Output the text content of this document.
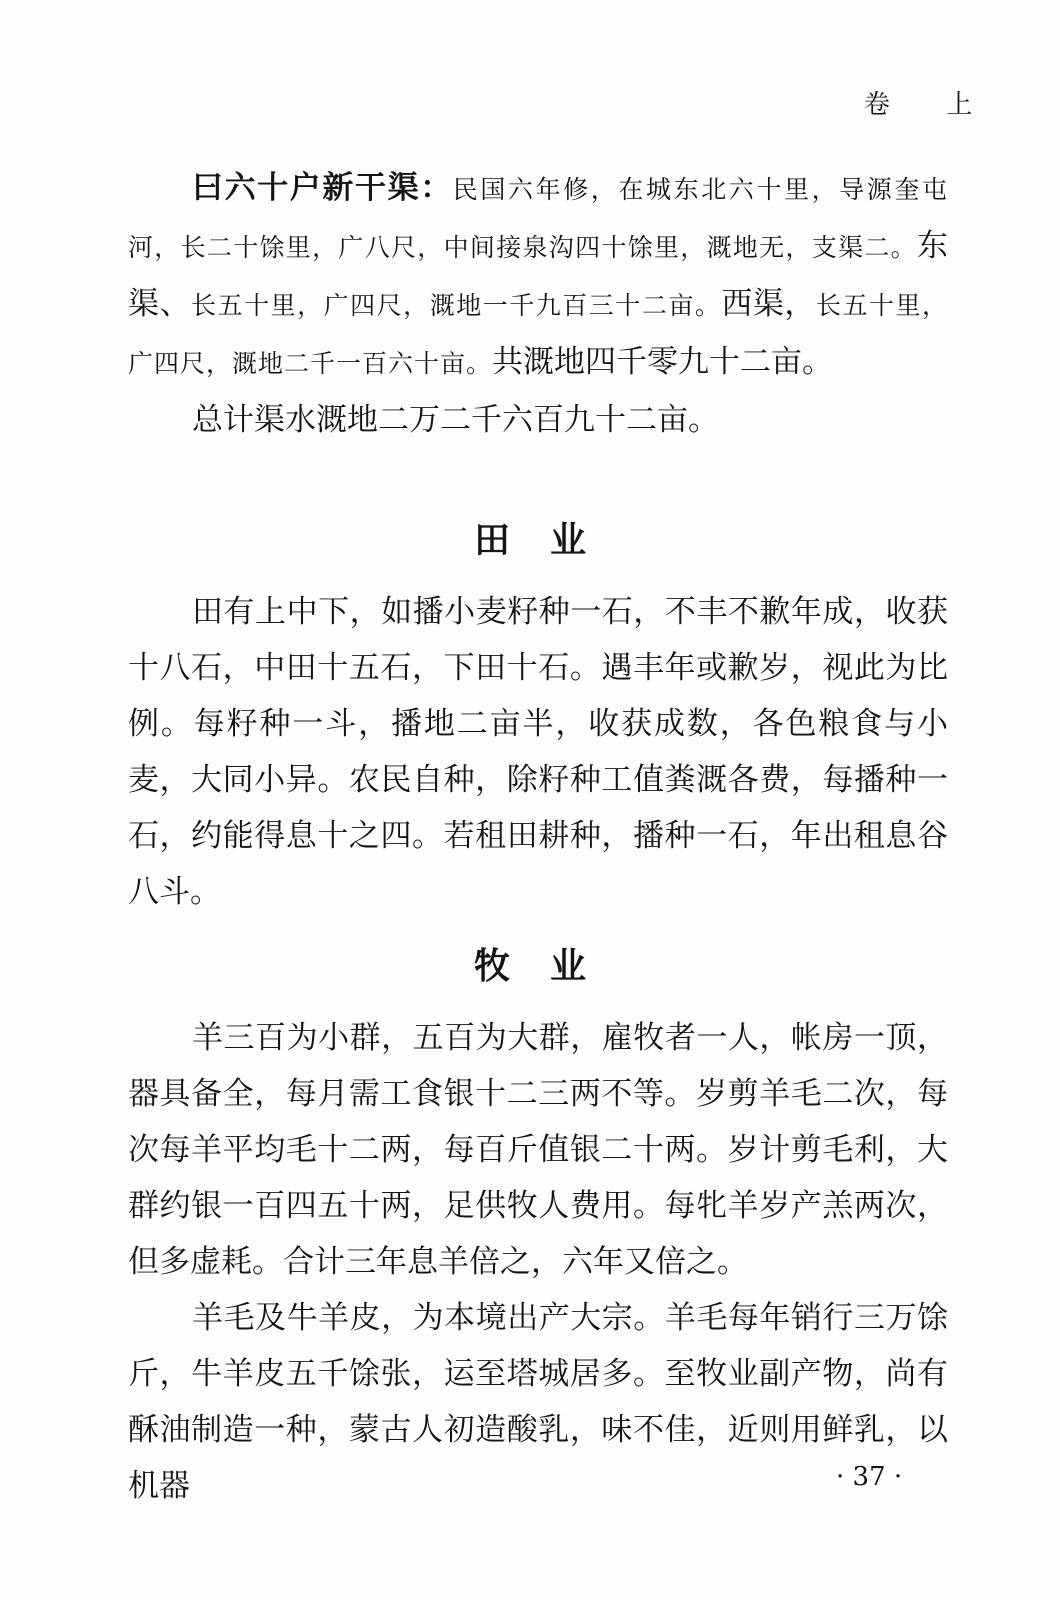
卷 上

曰六十户新干渠：民国六年修，在城东北六十里，导源奎屯河，长二十馀里，广八尺，中间接泉沟四十馀里，溉地无，支渠二。东渠、长五十里，广四尺，溉地一千九百三十二亩。西渠，长五十里，广四尺，溉地二千一百六十亩。共溉地四千零九十二亩。

总计渠水溉地二万二千六百九十二亩。

田业

田有上中下，如播小麦籽种一石，不丰不歉年成，收获十八石，中田十五石，下田十石。遇丰年或歉岁，视此为比例。每籽种一斗，播地二亩半，收获成数，各色粮食与小麦，大同小异。农民自种，除籽种工值粪溉各费，每播种一石，约能得息十之四。若租田耕种，播种一石，年出租息谷八斗。

牧业

羊三百为小群，五百为大群，雇牧者一人，帐房一顶，器具备全，每月需工食银十二三两不等。岁剪羊毛二次，每次每羊平均毛十二两，每百斤值银二十两。岁计剪毛利，大群约银一百四五十两，足供牧人费用。每牝羊岁产羔两次，但多虚耗。合计三年息羊倍之，六年又倍之。

羊毛及牛羊皮，为本境出产大宗。羊毛每年销行三万馀斤，牛羊皮五千馀张，运至塔城居多。至牧业副产物，尚有酥油制造一种，蒙古人初造酸乳，味不佳，近则用鲜乳，以机器	· 37 ·
